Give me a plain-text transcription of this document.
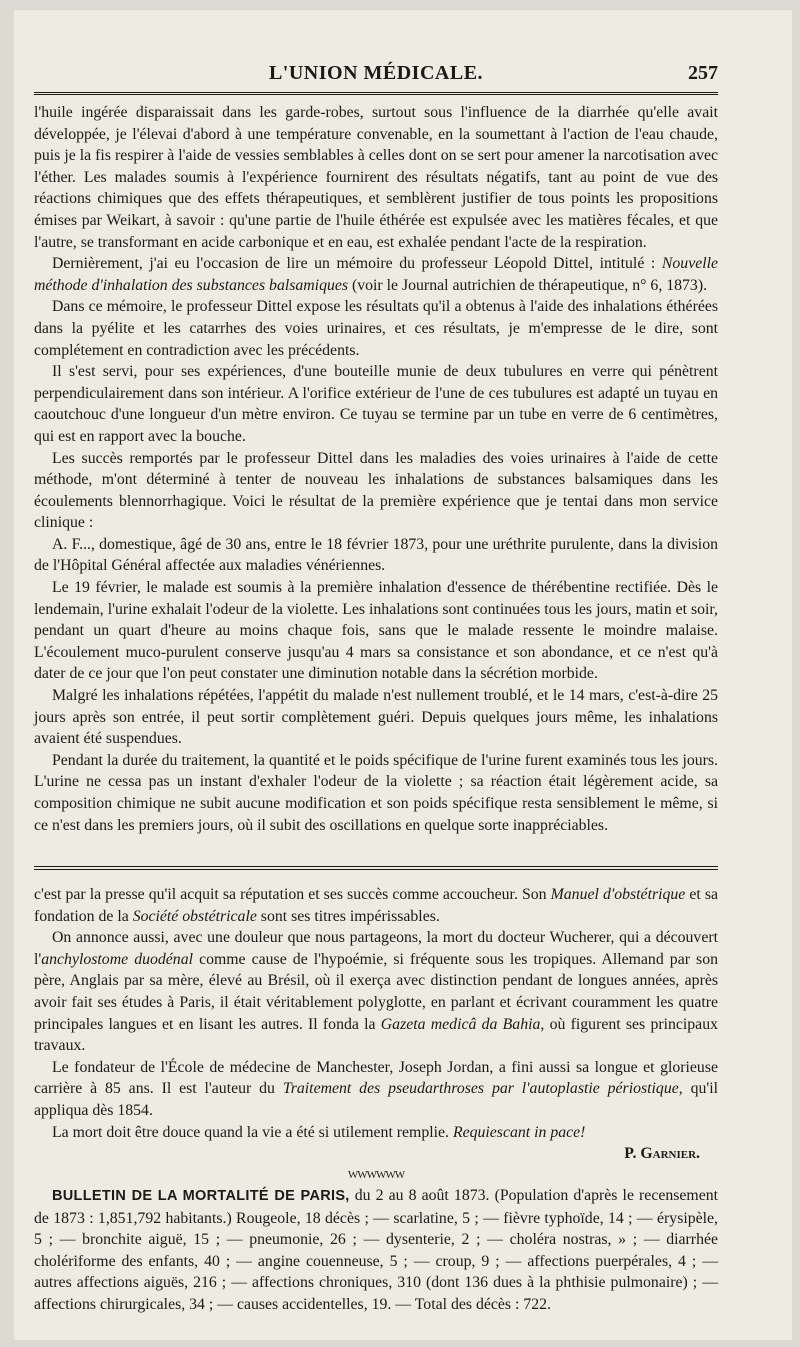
L'UNION MÉDICALE.	257

l'huile ingérée disparaissait dans les garde-robes, surtout sous l'influence de la diarrhée qu'elle avait développée, je l'élevai d'abord à une température convenable, en la soumettant à l'action de l'eau chaude, puis je la fis respirer à l'aide de vessies semblables à celles dont on se sert pour amener la narcotisation avec l'éther. Les malades soumis à l'expérience fournirent des résultats négatifs, tant au point de vue des réactions chimiques que des effets thérapeutiques, et semblèrent justifier de tous points les propositions émises par Weikart, à savoir : qu'une partie de l'huile éthérée est expulsée avec les matières fécales, et que l'autre, se transformant en acide carbonique et en eau, est exhalée pendant l'acte de la respiration.

Dernièrement, j'ai eu l'occasion de lire un mémoire du professeur Léopold Dittel, intitulé : Nouvelle méthode d'inhalation des substances balsamiques (voir le Journal autrichien de thérapeutique, n° 6, 1873).

Dans ce mémoire, le professeur Dittel expose les résultats qu'il a obtenus à l'aide des inhalations éthérées dans la pyélite et les catarrhes des voies urinaires, et ces résultats, je m'empresse de le dire, sont complétement en contradiction avec les précédents.

Il s'est servi, pour ses expériences, d'une bouteille munie de deux tubulures en verre qui pénètrent perpendiculairement dans son intérieur. A l'orifice extérieur de l'une de ces tubulures est adapté un tuyau en caoutchouc d'une longueur d'un mètre environ. Ce tuyau se termine par un tube en verre de 6 centimètres, qui est en rapport avec la bouche.

Les succès remportés par le professeur Dittel dans les maladies des voies urinaires à l'aide de cette méthode, m'ont déterminé à tenter de nouveau les inhalations de substances balsamiques dans les écoulements blennorrhagique. Voici le résultat de la première expérience que je tentai dans mon service clinique :

A. F..., domestique, âgé de 30 ans, entre le 18 février 1873, pour une uréthrite purulente, dans la division de l'Hôpital Général affectée aux maladies vénériennes.

Le 19 février, le malade est soumis à la première inhalation d'essence de thérébentine rectifiée. Dès le lendemain, l'urine exhalait l'odeur de la violette. Les inhalations sont continuées tous les jours, matin et soir, pendant un quart d'heure au moins chaque fois, sans que le malade ressente le moindre malaise. L'écoulement muco-purulent conserve jusqu'au 4 mars sa consistance et son abondance, et ce n'est qu'à dater de ce jour que l'on peut constater une diminution notable dans la sécrétion morbide.

Malgré les inhalations répétées, l'appétit du malade n'est nullement troublé, et le 14 mars, c'est-à-dire 25 jours après son entrée, il peut sortir complètement guéri. Depuis quelques jours même, les inhalations avaient été suspendues.

Pendant la durée du traitement, la quantité et le poids spécifique de l'urine furent examinés tous les jours. L'urine ne cessa pas un instant d'exhaler l'odeur de la violette ; sa réaction était légèrement acide, sa composition chimique ne subit aucune modification et son poids spécifique resta sensiblement le même, si ce n'est dans les premiers jours, où il subit des oscillations en quelque sorte inappréciables.

c'est par la presse qu'il acquit sa réputation et ses succès comme accoucheur. Son Manuel d'obstétrique et sa fondation de la Société obstétricale sont ses titres impérissables.

On annonce aussi, avec une douleur que nous partageons, la mort du docteur Wucherer, qui a découvert l'anchylostome duodénal comme cause de l'hypoémie, si fréquente sous les tropiques. Allemand par son père, Anglais par sa mère, élevé au Brésil, où il exerça avec distinction pendant de longues années, après avoir fait ses études à Paris, il était véritablement polyglotte, en parlant et écrivant couramment les quatre principales langues et en lisant les autres. Il fonda la Gazeta medicâ da Bahia, où figurent ses principaux travaux.

Le fondateur de l'École de médecine de Manchester, Joseph Jordan, a fini aussi sa longue et glorieuse carrière à 85 ans. Il est l'auteur du Traitement des pseudarthroses par l'autoplastie périostique, qu'il appliqua dès 1854.

La mort doit être douce quand la vie a été si utilement remplie. Requiescant in pace!

P. Garnier.

WWWWWW

BULLETIN DE LA MORTALITÉ DE PARIS, du 2 au 8 août 1873. (Population d'après le recensement de 1873 : 1,851,792 habitants.) Rougeole, 18 décès ; — scarlatine, 5 ; — fièvre typhoïde, 14 ; — érysipèle, 5 ; — bronchite aiguë, 15 ; — pneumonie, 26 ; — dysenterie, 2 ; — choléra nostras, » ; — diarrhée cholériforme des enfants, 40 ; — angine couenneuse, 5 ; — croup, 9 ; — affections puerpérales, 4 ; — autres affections aiguës, 216 ; — affections chroniques, 310 (dont 136 dues à la phthisie pulmonaire) ; — affections chirurgicales, 34 ; — causes accidentelles, 19. — Total des décès : 722.
